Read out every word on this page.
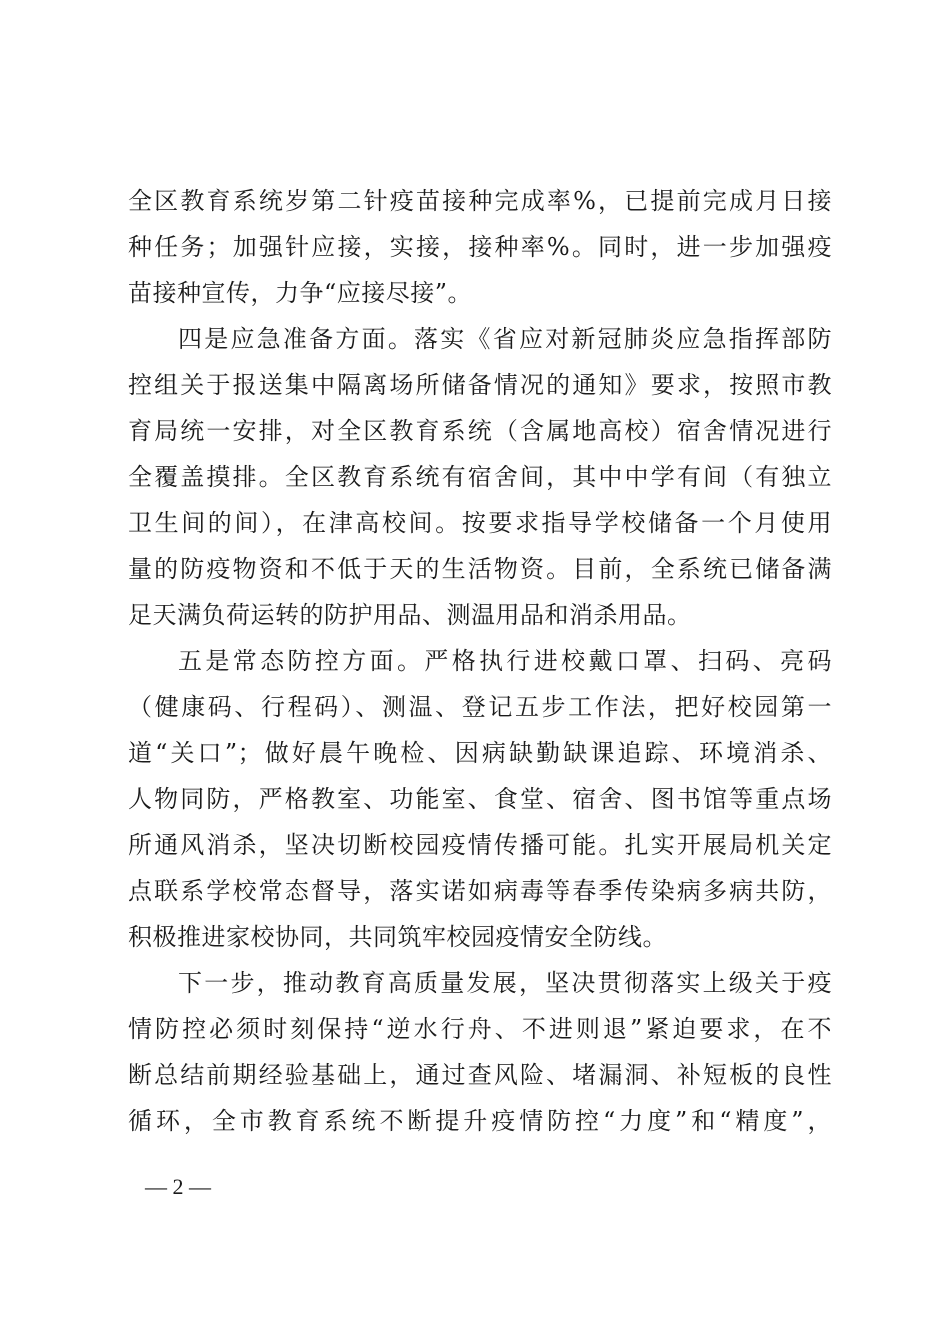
全区教育系统岁第二针疫苗接种完成率%，已提前完成月日接
种任务；加强针应接，实接，接种率%。同时，进一步加强疫
苗接种宣传，力争“应接尽接”。
四是应急准备方面。落实《省应对新冠肺炎应急指挥部防
控组关于报送集中隔离场所储备情况的通知》要求，按照市教
育局统一安排，对全区教育系统（含属地高校）宿舍情况进行
全覆盖摸排。全区教育系统有宿舍间，其中中学有间（有独立
卫生间的间），在津高校间。按要求指导学校储备一个月使用
量的防疫物资和不低于天的生活物资。目前，全系统已储备满
足天满负荷运转的防护用品、测温用品和消杀用品。
五是常态防控方面。严格执行进校戴口罩、扫码、亮码
（健康码、行程码）、测温、登记五步工作法，把好校园第一
道“关口”；做好晨午晚检、因病缺勤缺课追踪、环境消杀、
人物同防，严格教室、功能室、食堂、宿舍、图书馆等重点场
所通风消杀，坚决切断校园疫情传播可能。扎实开展局机关定
点联系学校常态督导，落实诺如病毒等春季传染病多病共防，
积极推进家校协同，共同筑牢校园疫情安全防线。
下一步，推动教育高质量发展，坚决贯彻落实上级关于疫
情防控必须时刻保持“逆水行舟、不进则退”紧迫要求，在不
断总结前期经验基础上，通过查风险、堵漏洞、补短板的良性
循环，全市教育系统不断提升疫情防控“力度”和“精度”，
— 2 —
